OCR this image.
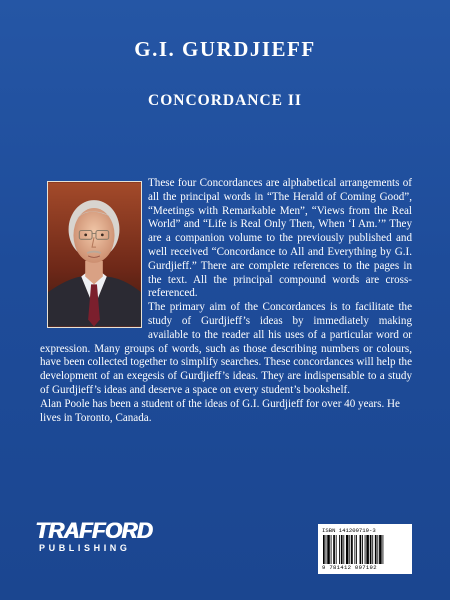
G.I. GURDJIEFF
CONCORDANCE II

These four Concordances are alphabetical arrangements of all the principal words in “The Herald of Coming Good”, “Meetings with Remarkable Men”, “Views from the Real World” and “Life is Real Only Then, When ‘I Am.’” They are a companion volume to the previously published and well received “Concordance to All and Everything by G.I. Gurdjieff.” There are complete references to the pages in the text. All the principal compound words are cross-referenced.

The primary aim of the Concordances is to facilitate the study of Gurdjieff’s ideas by immediately making available to the reader all his uses of a particular word or expression. Many groups of words, such as those describing numbers or colours, have been collected together to simplify searches. These concordances will help the development of an exegesis of Gurdjieff’s ideas. They are indispensable to a study of Gurdjieff’s ideas and deserve a space on every student’s bookshelf.

Alan Poole has been a student of the ideas of G.I. Gurdjieff for over 40 years. He lives in Toronto, Canada.

TRAFFORD
PUBLISHING
ISBN 141209719-3
9 781412 097192
